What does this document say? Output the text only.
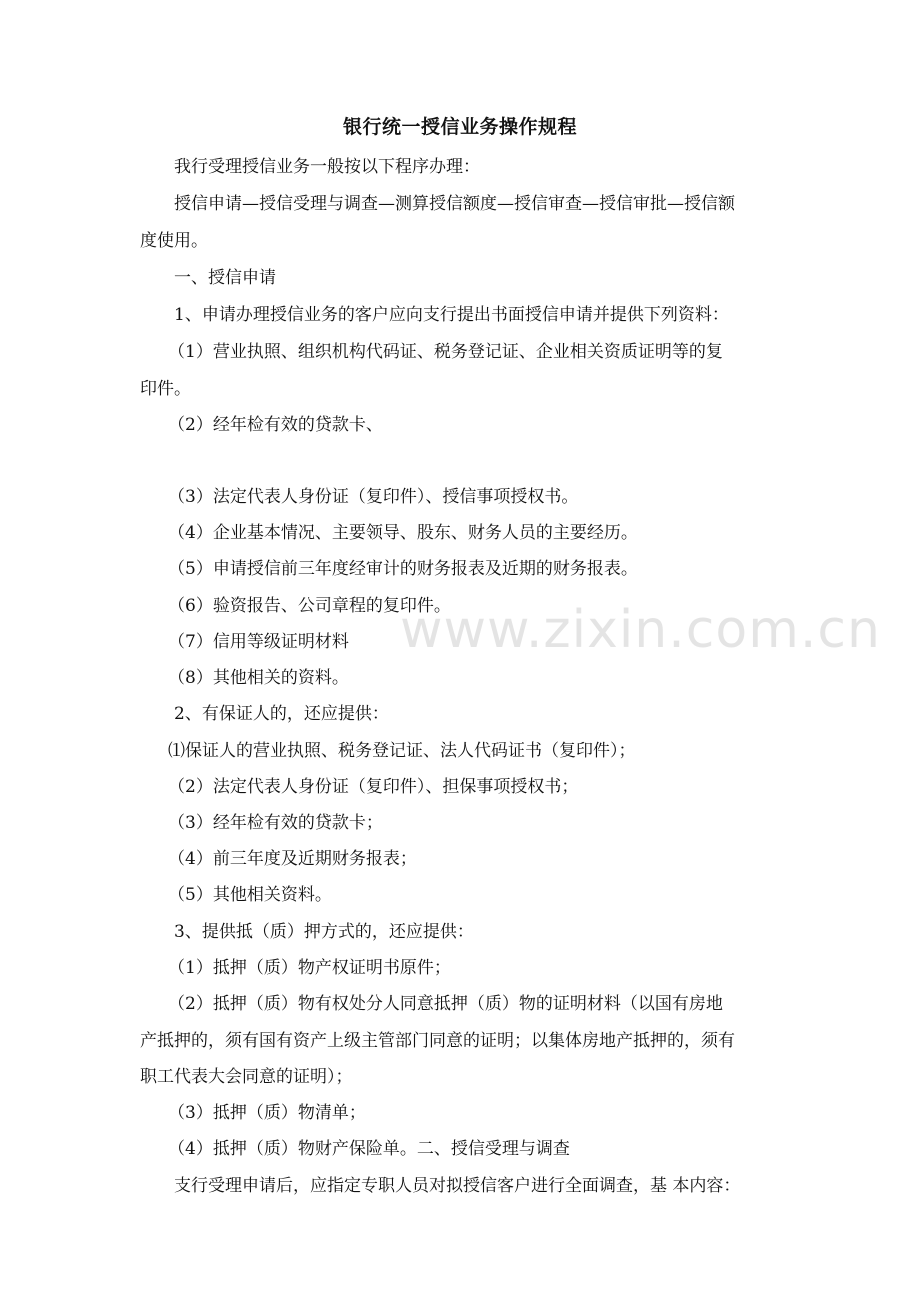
www.zixin.com.cn
银行统一授信业务操作规程
我行受理授信业务一般按以下程序办理：
授信申请—授信受理与调查—测算授信额度—授信审查—授信审批—授信额
度使用。
一、授信申请
1、申请办理授信业务的客户应向支行提出书面授信申请并提供下列资料：
（1）营业执照、组织机构代码证、税务登记证、企业相关资质证明等的复
印件。
（2）经年检有效的贷款卡、
（3）法定代表人身份证（复印件）、授信事项授权书。
（4）企业基本情况、主要领导、股东、财务人员的主要经历。
（5）申请授信前三年度经审计的财务报表及近期的财务报表。
（6）验资报告、公司章程的复印件。
（7）信用等级证明材料
（8）其他相关的资料。
2、有保证人的，还应提供：
⑴保证人的营业执照、税务登记证、法人代码证书（复印件）；
（2）法定代表人身份证（复印件）、担保事项授权书；
（3）经年检有效的贷款卡；
（4）前三年度及近期财务报表；
（5）其他相关资料。
3、提供抵（质）押方式的，还应提供：
（1）抵押（质）物产权证明书原件；
（2）抵押（质）物有权处分人同意抵押（质）物的证明材料（以国有房地
产抵押的，须有国有资产上级主管部门同意的证明；以集体房地产抵押的，须有
职工代表大会同意的证明）；
（3）抵押（质）物清单；
（4）抵押（质）物财产保险单。二、授信受理与调查
支行受理申请后，应指定专职人员对拟授信客户进行全面调查，基 本内容：
